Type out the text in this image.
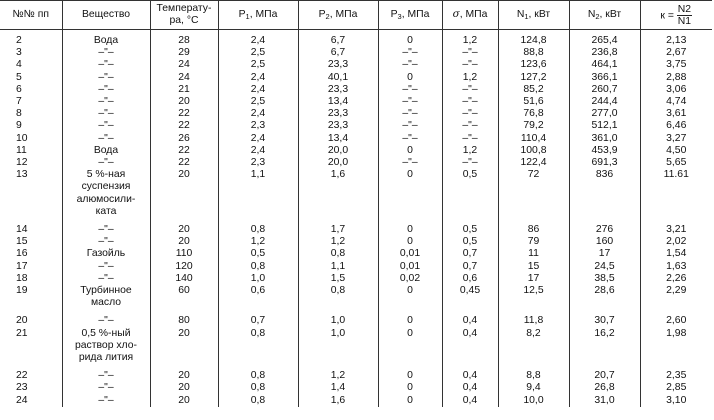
№№ пп	Вещество	Температу-
ра, °С	$P_1$, МПа	$P_2$, МПа	$P_3$, МПа	σ, МПа	$N_1$, кВт	$N_2$, кВт	$к = \frac{N2}{N1}$

2	Вода	28	2,4	6,7	0	1,2	124,8	265,4	2,13
3	–"–	29	2,5	6,7	–"–	–"–	88,8	236,8	2,67
4	–"–	24	2,5	23,3	–"–	–"–	123,6	464,1	3,75
5	–"–	24	2,4	40,1	0	1,2	127,2	366,1	2,88
6	–"–	21	2,4	23,3	–"–	–"–	85,2	260,7	3,06
7	–"–	20	2,5	13,4	–"–	–"–	51,6	244,4	4,74
8	–"–	22	2,4	23,3	–"–	–"–	76,8	277,0	3,61
9	–"–	22	2,3	23,3	–"–	–"–	79,2	512,1	6,46
10	–"–	26	2,4	13,4	–"–	–"–	110,4	361,0	3,27
11	Вода	22	2,4	20,0	0	1,2	100,8	453,9	4,50
12	–"–	22	2,3	20,0	–"–	–"–	122,4	691,3	5,65
13	5 %-ная
суспензия
алюмосили-
ката	20	1,1	1,6	0	0,5	72	836	11.61
14	–"–	20	0,8	1,7	0	0,5	86	276	3,21
15	–"–	20	1,2	1,2	0	0,5	79	160	2,02
16	Газойль	110	0,5	0,8	0,01	0,7	11	17	1,54
17	–"–	120	0,8	1,1	0,01	0,7	15	24,5	1,63
18	–"–	140	1,0	1,5	0,02	0,6	17	38,5	2,26
19	Турбинное
масло	60	0,6	0,8	0	0,45	12,5	28,6	2,29
20	–"–	80	0,7	1,0	0	0,4	11,8	30,7	2,60
21	0,5 %-ный
раствор хло-
рида лития	20	0,8	1,0	0	0,4	8,2	16,2	1,98
22	–"–	20	0,8	1,2	0	0,4	8,8	20,7	2,35
23	–"–	20	0,8	1,4	0	0,4	9,4	26,8	2,85
24	–"–	20	0,8	1,6	0	0,4	10,0	31,0	3,10
